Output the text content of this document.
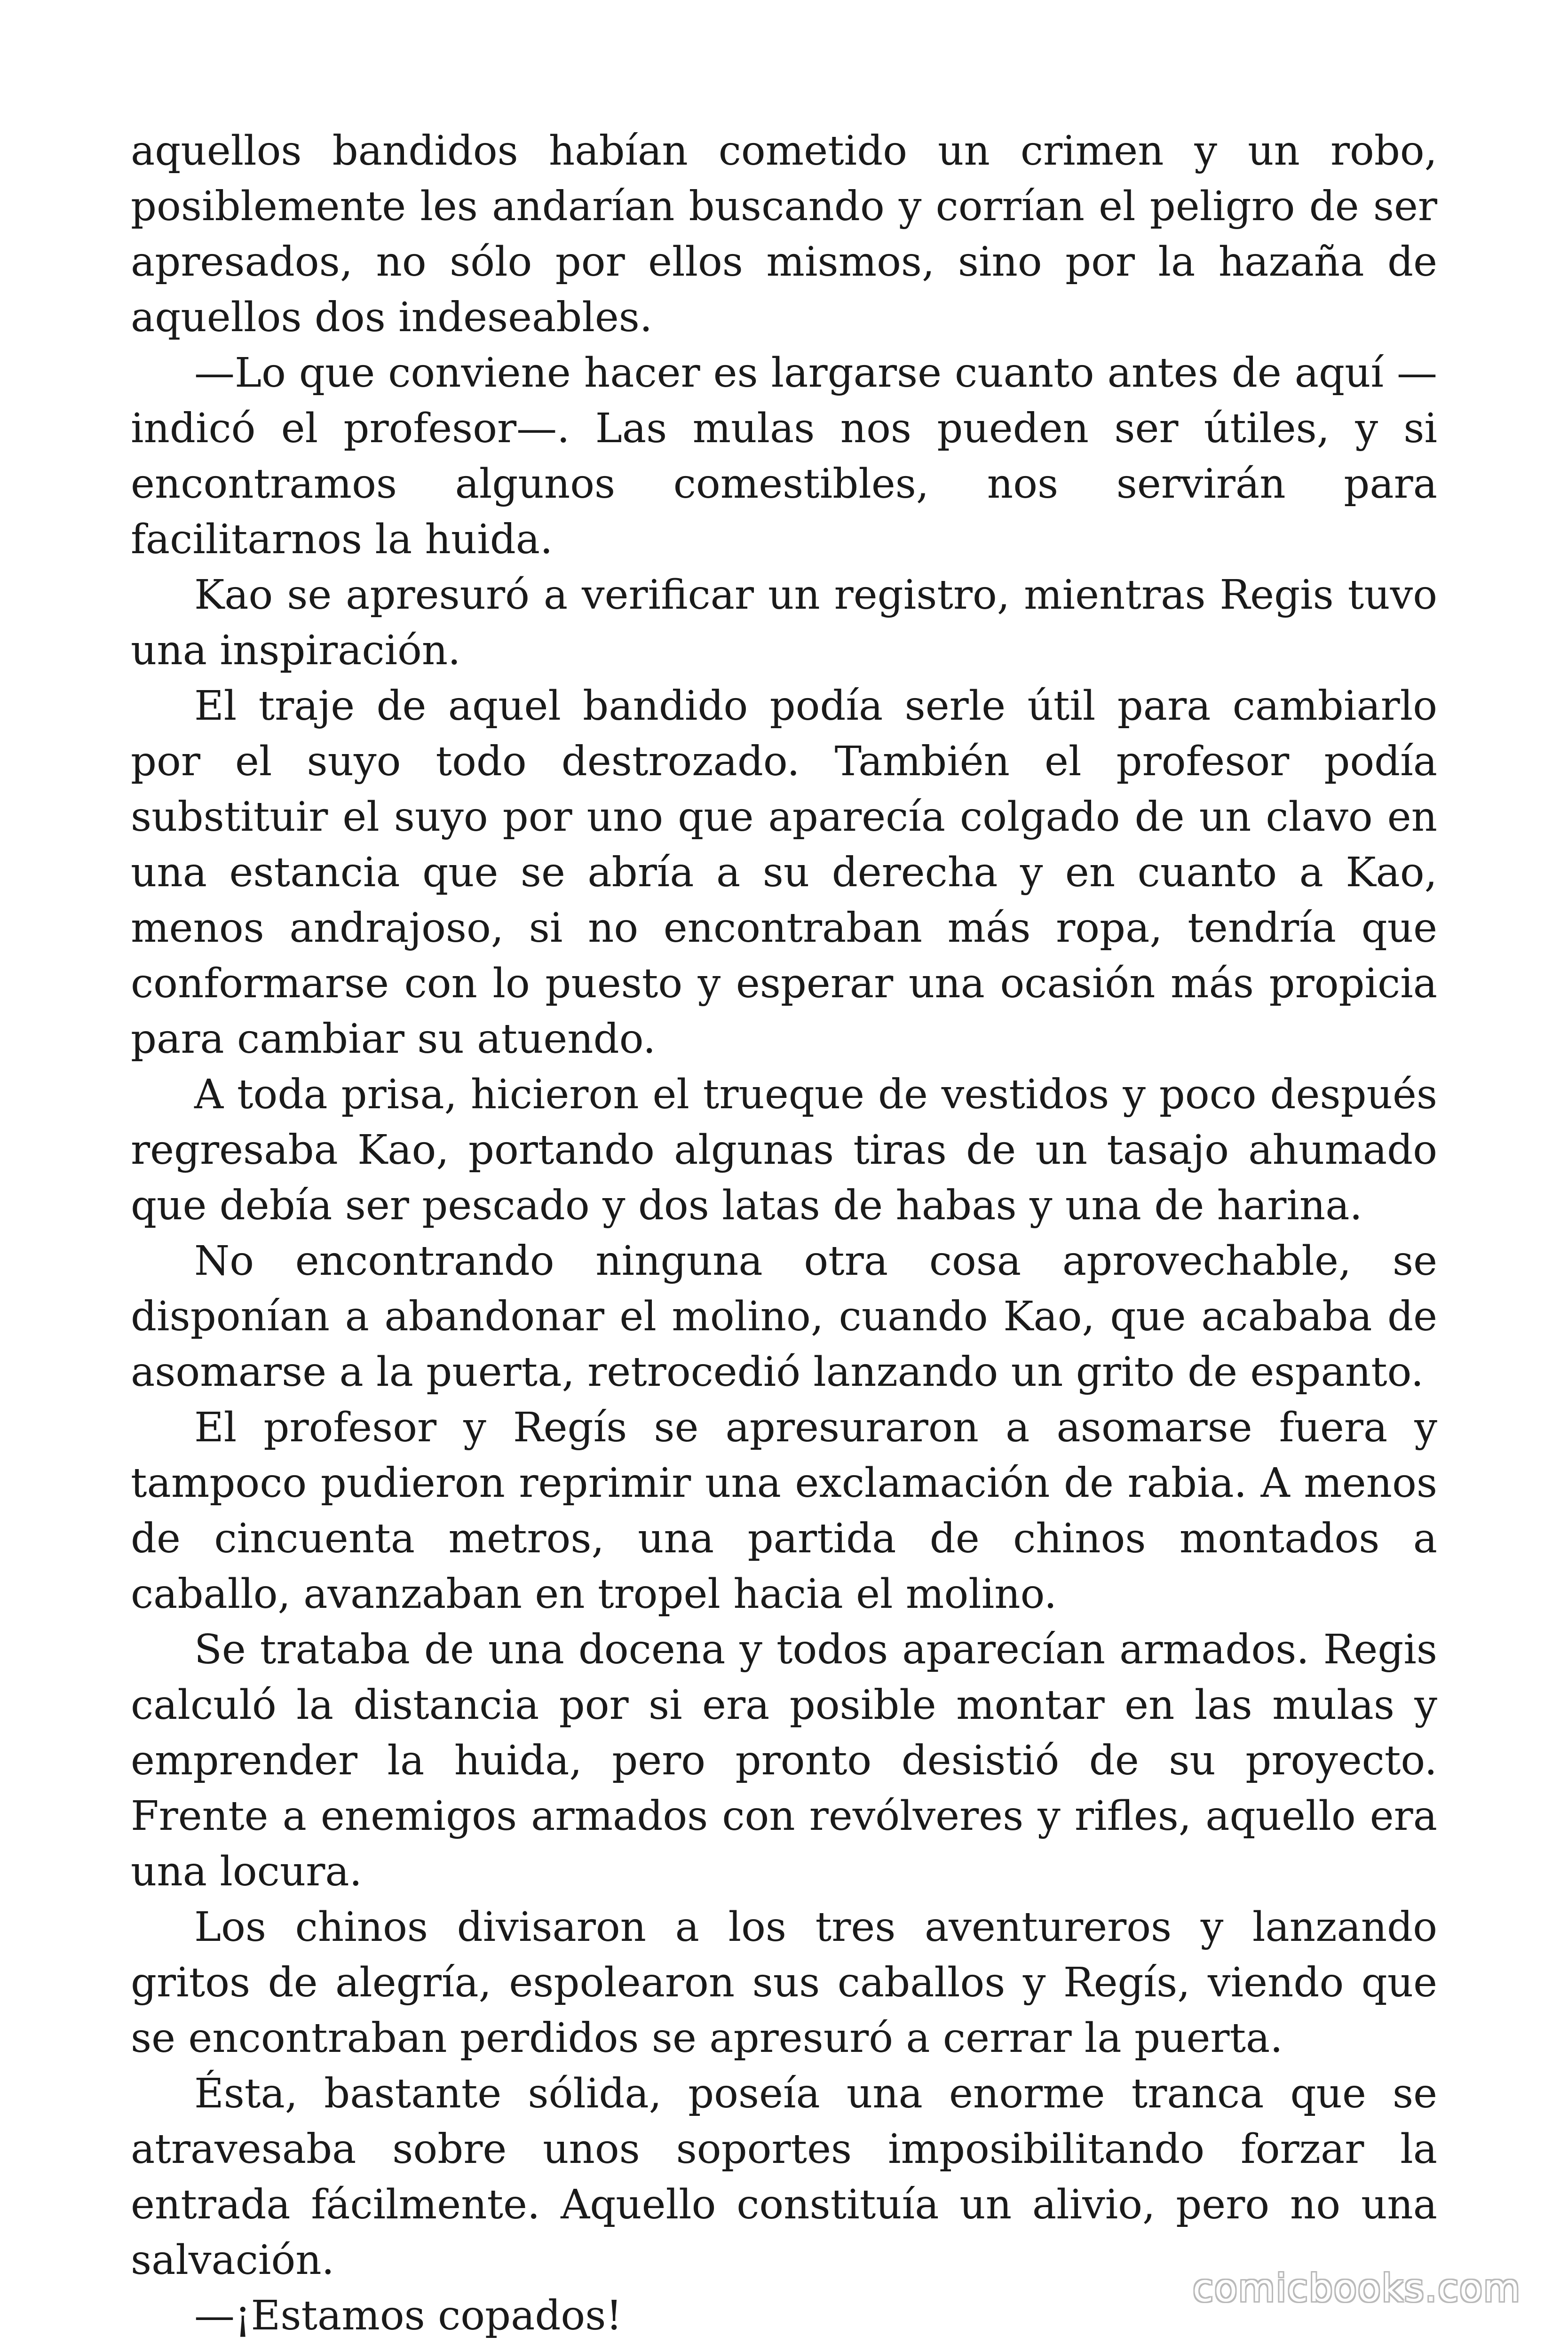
aquellos bandidos habían cometido un crimen y un robo, posiblemente les andarían buscando y corrían el peligro de ser apresados, no sólo por ellos mismos, sino por la hazaña de aquellos dos indeseables.

—Lo que conviene hacer es largarse cuanto antes de aquí —indicó el profesor—. Las mulas nos pueden ser útiles, y si encontramos algunos comestibles, nos servirán para facilitarnos la huida.

Kao se apresuró a verificar un registro, mientras Regis tuvo una inspiración.

El traje de aquel bandido podía serle útil para cambiarlo por el suyo todo destrozado. También el profesor podía substituir el suyo por uno que aparecía colgado de un clavo en una estancia que se abría a su derecha y en cuanto a Kao, menos andrajoso, si no encontraban más ropa, tendría que conformarse con lo puesto y esperar una ocasión más propicia para cambiar su atuendo.

A toda prisa, hicieron el trueque de vestidos y poco después regresaba Kao, portando algunas tiras de un tasajo ahumado que debía ser pescado y dos latas de habas y una de harina.

No encontrando ninguna otra cosa aprovechable, se disponían a abandonar el molino, cuando Kao, que acababa de asomarse a la puerta, retrocedió lanzando un grito de espanto.

El profesor y Regís se apresuraron a asomarse fuera y tampoco pudieron reprimir una exclamación de rabia. A menos de cincuenta metros, una partida de chinos montados a caballo, avanzaban en tropel hacia el molino.

Se trataba de una docena y todos aparecían armados. Regis calculó la distancia por si era posible montar en las mulas y emprender la huida, pero pronto desistió de su proyecto. Frente a enemigos armados con revólveres y rifles, aquello era una locura.

Los chinos divisaron a los tres aventureros y lanzando gritos de alegría, espolearon sus caballos y Regís, viendo que se encontraban perdidos se apresuró a cerrar la puerta.

Ésta, bastante sólida, poseía una enorme tranca que se atravesaba sobre unos soportes imposibilitando forzar la entrada fácilmente. Aquello constituía un alivio, pero no una salvación.

—¡Estamos copados!

comicbooks.com
